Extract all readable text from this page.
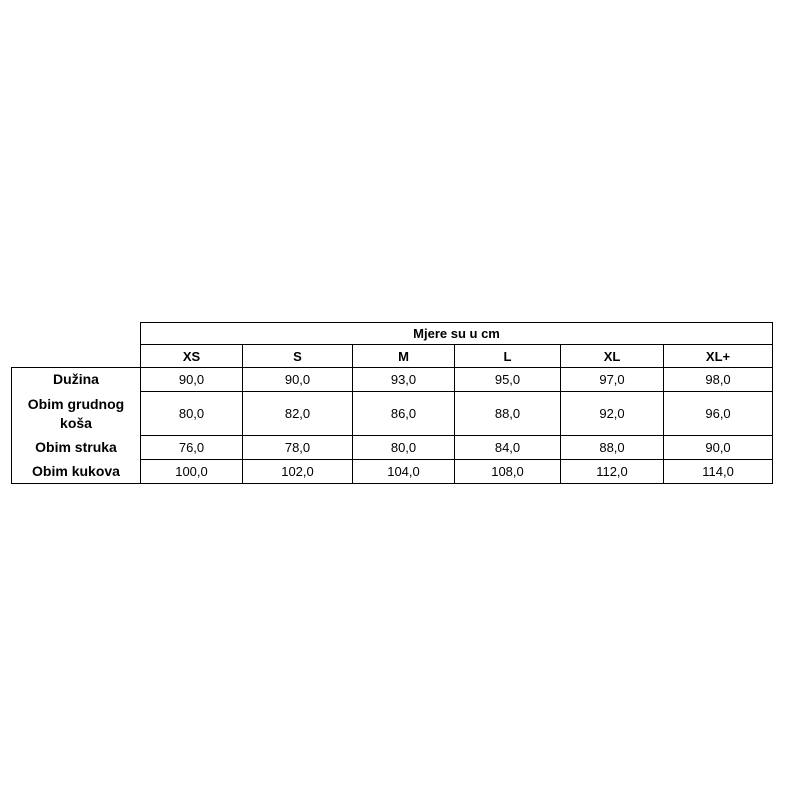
	Mjere su u cm					
	XS	S	M	L	XL	XL+
Dužina	90,0	90,0	93,0	95,0	97,0	98,0
Obim grudnog koša	80,0	82,0	86,0	88,0	92,0	96,0
Obim struka	76,0	78,0	80,0	84,0	88,0	90,0
Obim kukova	100,0	102,0	104,0	108,0	112,0	114,0
